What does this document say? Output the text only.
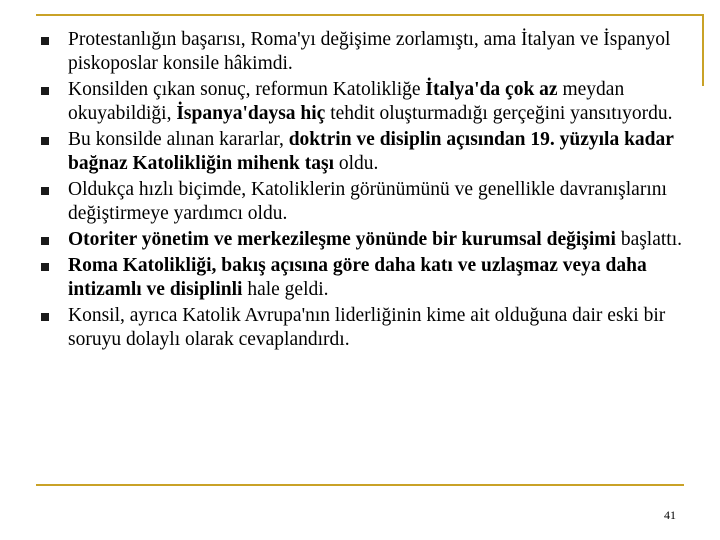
Protestanlığın başarısı, Roma'yı değişime zorlamıştı, ama İtalyan ve İspanyol piskoposlar konsile hâkimdi.
Konsilden çıkan sonuç, reformun Katolikliğe İtalya'da çok az meydan okuyabildiği, İspanya'daysa hiç tehdit oluşturmadığı gerçeğini yansıtıyordu.
Bu konsilde alınan kararlar, doktrin ve disiplin açısından 19. yüzyıla kadar bağnaz Katolikliğin mihenk taşı oldu.
Oldukça hızlı biçimde, Katoliklerin görünümünü ve genellikle davranışlarını değiştirmeye yardımcı oldu.
Otoriter yönetim ve merkezileşme yönünde bir kurumsal değişimi başlattı.
Roma Katolikliği, bakış açısına göre daha katı ve uzlaşmaz veya daha intizamlı ve disiplinli hale geldi.
Konsil, ayrıca Katolik Avrupa'nın liderliğinin kime ait olduğuna dair eski bir soruyu dolaylı olarak cevaplandırdı.
41
